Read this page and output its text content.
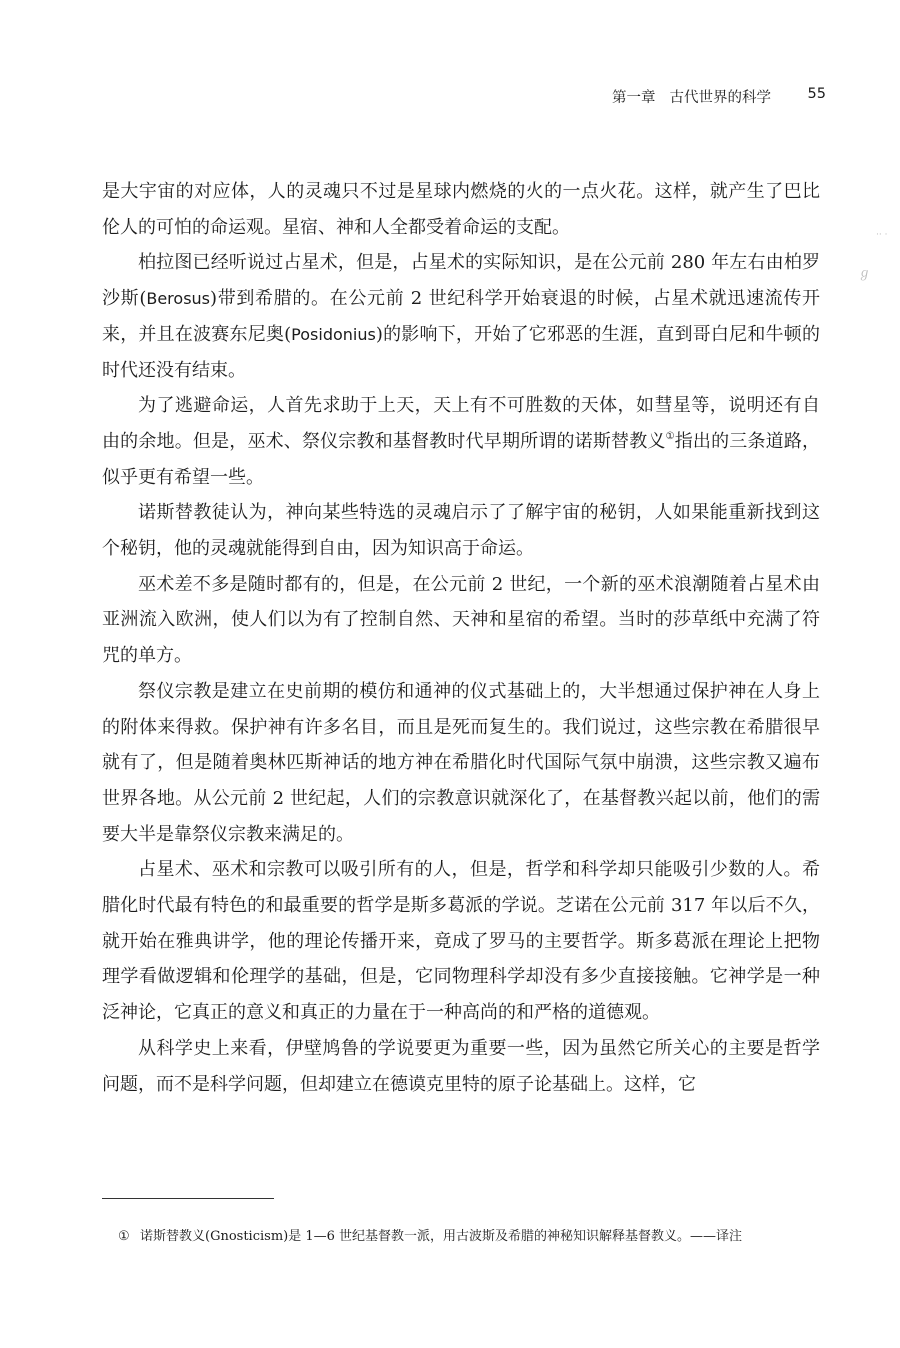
第一章 古代世界的科学	55

是大宇宙的对应体，人的灵魂只不过是星球内燃烧的火的一点火花。这样，就产生了巴比伦人的可怕的命运观。星宿、神和人全都受着命运的支配。

柏拉图已经听说过占星术，但是，占星术的实际知识，是在公元前 280 年左右由柏罗沙斯(Berosus)带到希腊的。在公元前 2 世纪科学开始衰退的时候，占星术就迅速流传开来，并且在波赛东尼奥(Posidonius)的影响下，开始了它邪恶的生涯，直到哥白尼和牛顿的时代还没有结束。

为了逃避命运，人首先求助于上天，天上有不可胜数的天体，如彗星等，说明还有自由的余地。但是，巫术、祭仪宗教和基督教时代早期所谓的诺斯替教义①指出的三条道路，似乎更有希望一些。

诺斯替教徒认为，神向某些特选的灵魂启示了了解宇宙的秘钥，人如果能重新找到这个秘钥，他的灵魂就能得到自由，因为知识高于命运。

巫术差不多是随时都有的，但是，在公元前 2 世纪，一个新的巫术浪潮随着占星术由亚洲流入欧洲，使人们以为有了控制自然、天神和星宿的希望。当时的莎草纸中充满了符咒的单方。

祭仪宗教是建立在史前期的模仿和通神的仪式基础上的，大半想通过保护神在人身上的附体来得救。保护神有许多名目，而且是死而复生的。我们说过，这些宗教在希腊很早就有了，但是随着奥林匹斯神话的地方神在希腊化时代国际气氛中崩溃，这些宗教又遍布世界各地。从公元前 2 世纪起，人们的宗教意识就深化了，在基督教兴起以前，他们的需要大半是靠祭仪宗教来满足的。

占星术、巫术和宗教可以吸引所有的人，但是，哲学和科学却只能吸引少数的人。希腊化时代最有特色的和最重要的哲学是斯多葛派的学说。芝诺在公元前 317 年以后不久，就开始在雅典讲学，他的理论传播开来，竟成了罗马的主要哲学。斯多葛派在理论上把物理学看做逻辑和伦理学的基础，但是，它同物理科学却没有多少直接接触。它神学是一种泛神论，它真正的意义和真正的力量在于一种高尚的和严格的道德观。

从科学史上来看，伊壁鸠鲁的学说要更为重要一些，因为虽然它所关心的主要是哲学问题，而不是科学问题，但却建立在德谟克里特的原子论基础上。这样，它

① 诺斯替教义(Gnosticism)是 1—6 世纪基督教一派，用古波斯及希腊的神秘知识解释基督教义。——译注
·· ·
ℊ
